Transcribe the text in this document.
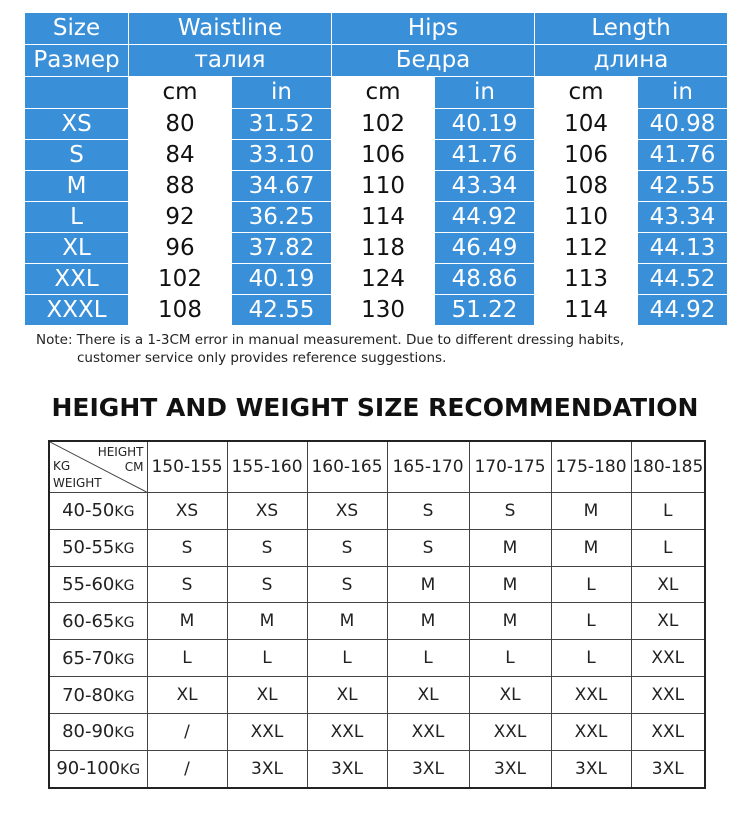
Size	Waistline		Hips		Length	
Размер	талия		Бедра		длина	
	cm	in	cm	in	cm	in
XS	80	31.52	102	40.19	104	40.98
S	84	33.10	106	41.76	106	41.76
M	88	34.67	110	43.34	108	42.55
L	92	36.25	114	44.92	110	43.34
XL	96	37.82	118	46.49	112	44.13
XXL	102	40.19	124	48.86	113	44.52
XXXL	108	42.55	130	51.22	114	44.92
Note: There is a 1-3CM error in manual measurement. Due to different dressing habits,
customer service only provides reference suggestions.
HEIGHT AND WEIGHT SIZE RECOMMENDATION
HEIGHT
CM
KG
WEIGHT	150-155	155-160	160-165	165-170	170-175	175-180	180-185
40-50KG	XS	XS	XS	S	S	M	L
50-55KG	S	S	S	S	M	M	L
55-60KG	S	S	S	M	M	L	XL
60-65KG	M	M	M	M	M	L	XL
65-70KG	L	L	L	L	L	L	XXL
70-80KG	XL	XL	XL	XL	XL	XXL	XXL
80-90KG	/	XXL	XXL	XXL	XXL	XXL	XXL
90-100KG	/	3XL	3XL	3XL	3XL	3XL	3XL
